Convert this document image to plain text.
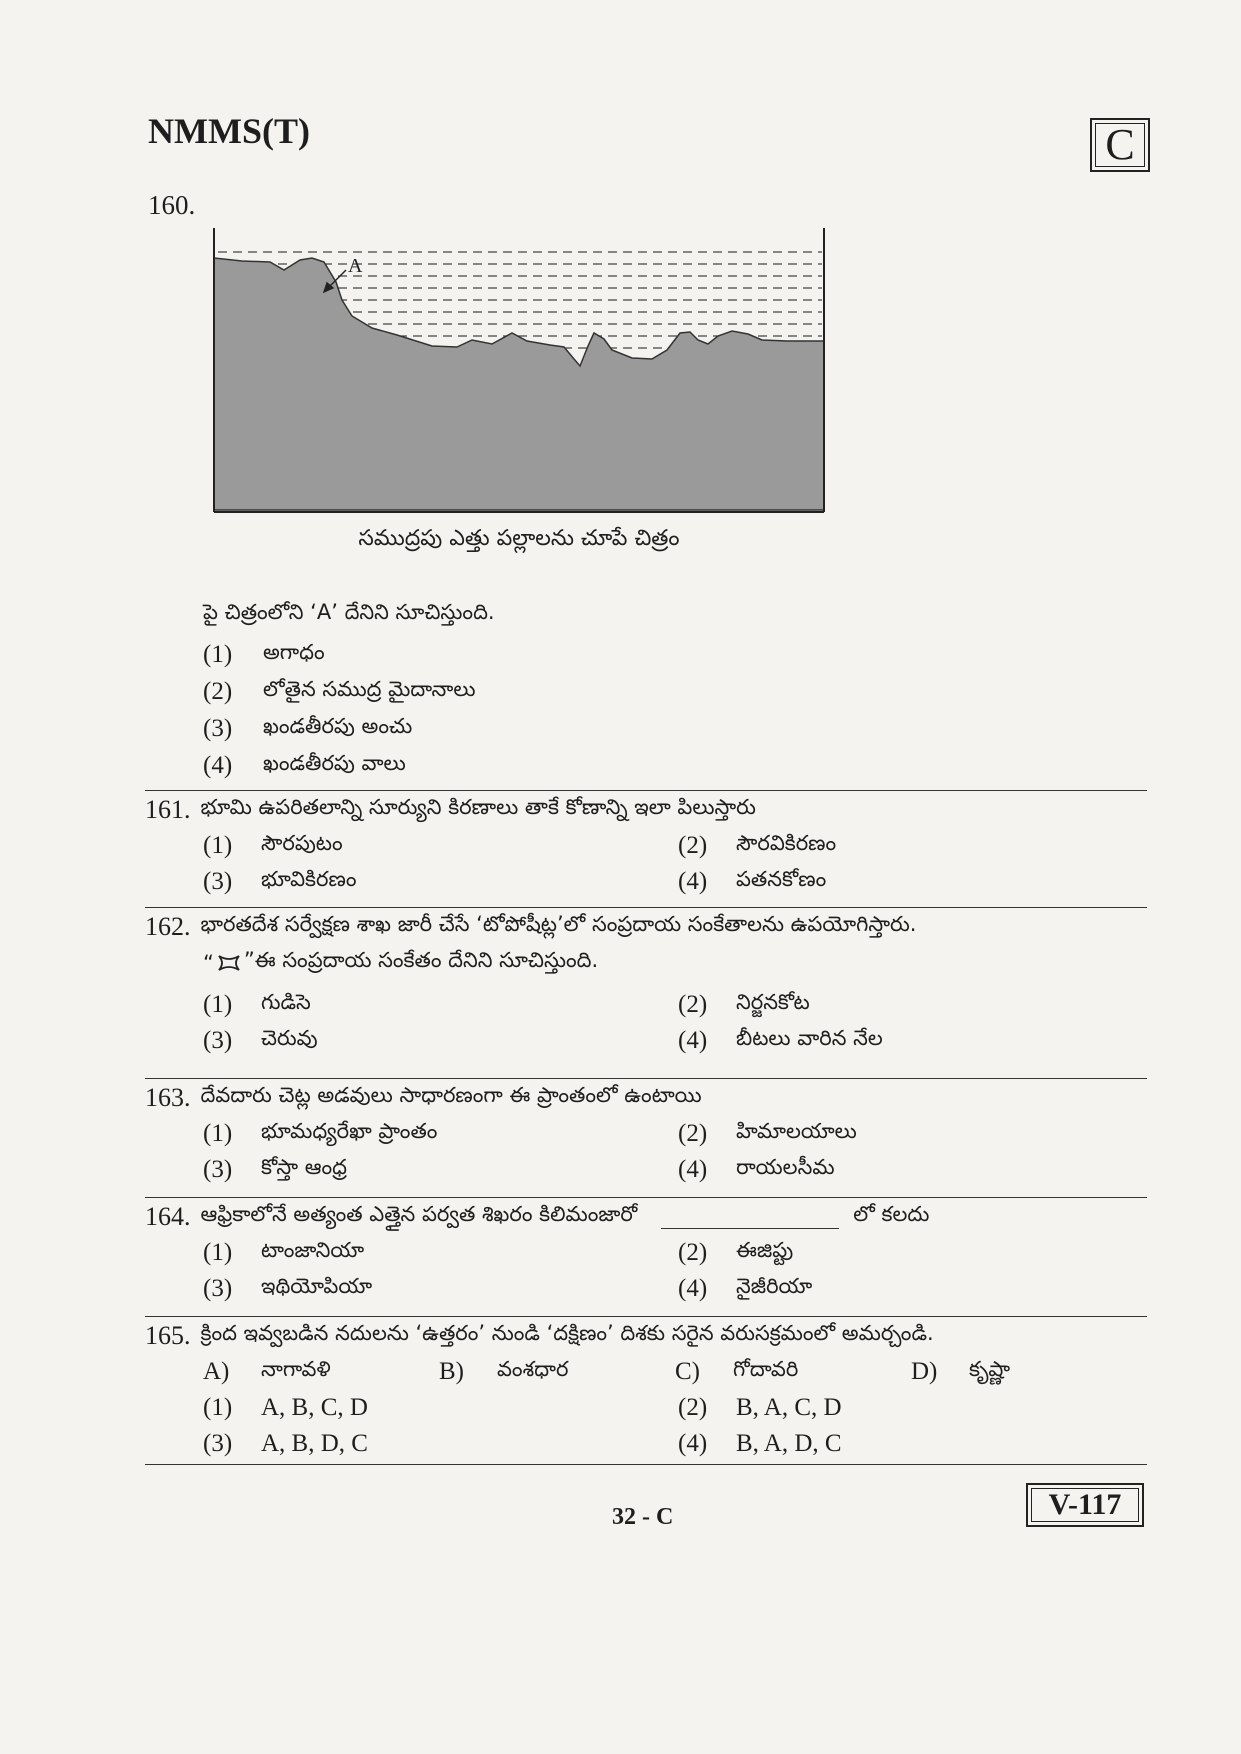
NMMS(T)	C
160.
A
సముద్రపు ఎత్తు పల్లాలను చూపే చిత్రం
పై చిత్రంలోని ‘A’ దేనిని సూచిస్తుంది.
(1)	అగాధం
(2)	లోతైన సముద్ర మైదానాలు
(3)	ఖండతీరపు అంచు
(4)	ఖండతీరపు వాలు
161. భూమి ఉపరితలాన్ని సూర్యుని కిరణాలు తాకే కోణాన్ని ఇలా పిలుస్తారు
(1)	సౌరపుటం	(2)	సౌరవికిరణం
(3)	భూవికిరణం	(4)	పతనకోణం
162. భారతదేశ సర్వేక్షణ శాఖ జారీ చేసే ‘టోపోషీట్ల’లో సంప్రదాయ సంకేతాలను ఉపయోగిస్తారు.
“ ”ఈ సంప్రదాయ సంకేతం దేనిని సూచిస్తుంది.
(1)	గుడిసె	(2)	నిర్జనకోట
(3)	చెరువు	(4)	బీటలు వారిన నేల
163. దేవదారు చెట్ల అడవులు సాధారణంగా ఈ ప్రాంతంలో ఉంటాయి
(1)	భూమధ్యరేఖా ప్రాంతం	(2)	హిమాలయాలు
(3)	కోస్తా ఆంధ్ర	(4)	రాయలసీమ
164. ఆఫ్రికాలోనే అత్యంత ఎత్తైన పర్వత శిఖరం కిలిమంజారో	లో కలదు
(1)	టాంజానియా	(2)	ఈజిప్టు
(3)	ఇథియోపియా	(4)	నైజీరియా
165. క్రింద ఇవ్వబడిన నదులను ‘ఉత్తరం’ నుండి ‘దక్షిణం’ దిశకు సరైన వరుసక్రమంలో అమర్చండి.
A)	నాగావళి	B)	వంశధార	C)	గోదావరి	D)	కృష్ణా
(1)	A, B, C, D	(2)	B, A, C, D
(3)	A, B, D, C	(4)	B, A, D, C
32 - C	V-117
